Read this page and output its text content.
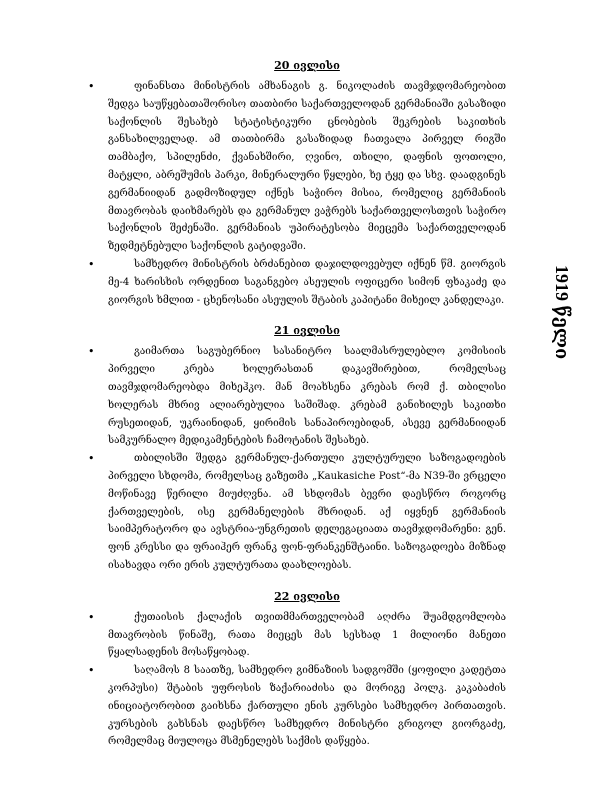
20 ივლისი
•	ფინანსთა მინისტრის ამხანაგის გ. ნიკოლაძის თავმჯდომარეობით შედგა საუწყებათაშორისო თათბირი საქართველოდან გერმანიაში გასაზიდი საქონლის შესახებ სტატისტიკური ცნობების შეკრების საკითხის განსახილველად. ამ თათბირმა გასაზიდად ჩათვალა პირველ რიგში თამბაქო, სპილენძი, ქვანახშირი, ღვინო, თხილი, დაფნის ფოთოლი, მატყლი, აბრეშუმის პარკი, მინერალური წყლები, ხე ტყე და სხვ. დაადგინეს გერმანიიდან გადმოზიდულ იქნეს საჭირო მისია, რომელიც გერმანიის მთავრობას დაიხმარებს და გერმანულ ვაჭრებს საქართველოსთვის საჭირო საქონლის შეძენაში. გერმანიას უპირატესობა მიეცემა საქართველოდან ზედმეტნებული საქონლის გატიდვაში.
•	სამხედრო მინისტრის ბრძანებით დაჯილდოვებულ იქნენ წმ. გიორგის მე-4 ხარისხის ორდენით საგანგებო ასეულის ოფიცერი სიმონ ფხაკაძე და გიორგის ხმლით - ცხენოსანი ასეულის შტაბის კაპიტანი მიხეილ კანდელაკი.
21 ივლისი
•	გაიმართა საგუბერნიო სასანიტრო საალმასრულებლო კომისიის პირველი კრება ხოლერასთან დაკავშირებით, რომელსაც თავმჯდომარეობდა მიხეჰკო. მან მოახსენა კრებას რომ ქ. თბილისი ხოლერას მხრივ ალიარებულია საშიშად. კრებამ განიხილეს საკითხი რუსეთიდან, უკრაინიდან, ყირიმის სანაპიროებიდან, ასევე გერმანიიდან სამკურნალო მედიკამენტების ჩამოტანის შესახებ.
•	თბილისში შედგა გერმანულ-ქართული კულტურული საზოგადოების პირველი სხდომა, რომელსაც გაზეთმა „Kaukasiche Post“-მა N39-ში ვრცელი მოწინავე წერილი მიუძღვნა. ამ სხდომას ბევრი დაესწრო როგორც ქართველების, ისე გერმანელების მხრიდან. აქ იყვნენ გერმანიის საიმპერატორო და ავსტრია-უნგრეთის დელეგაციათა თავმჯდომარენი: გენ. ფონ კრესსი და ფრაიჰერ ფრანკ ფონ-ფრანკენშტაინი. საზოგადოება მიზნად ისახავდა ორი ერის კულტურათა დაახლოებას.
22 ივლისი
•	ქუთაისის ქალაქის თვითმმართველობამ აღძრა შუამდგომლობა მთავრობის წინაშე, რათა მიეცეს მას სესხად 1 მილიონი მანეთი წყალსადენის მოსაწყობად.
•	საღამოს 8 საათზე, სამხედრო გიმნაზიის სადგომში (ყოფილი კადეტთა კორპუსი) შტაბის უფროსის ზაქარიაძისა და მორიგე პოლკ. კაკაბაძის ინიციატორობით გაიხსნა ქართული ენის კურსები სამხედრო პირთათვის. კურსების გახსნას დაესწრო სამხედრო მინისტრი გრიგოლ გიორგაძე, რომელმაც მიულოცა მსმენელებს საქმის დაწყება.
1919 წელი
